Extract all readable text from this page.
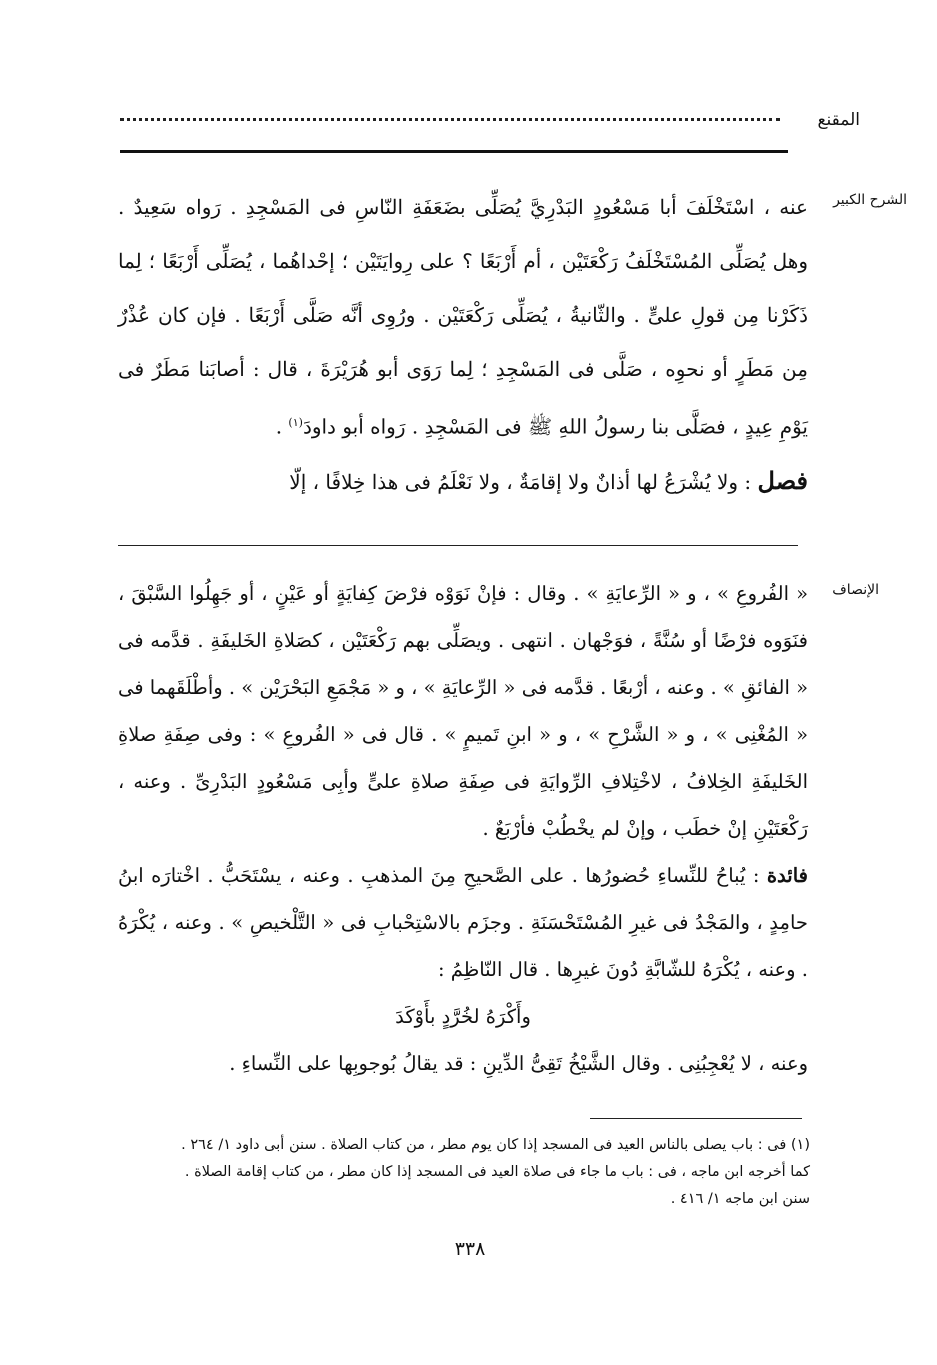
المقنع
الشرح الكبير

عنه ، اسْتَخْلَفَ أبا مَسْعُودٍ البَدْرِيَّ يُصَلِّى بضَعَفَةِ النّاسِ فى المَسْجِدِ . رَواه سَعِيدٌ . وهل يُصَلِّى المُسْتَخْلَفُ رَكْعَتَيْن ، أم أَرْبَعًا ؟ على رِوايَتَيْن ؛ إحْداهُما ، يُصَلِّى أَرْبَعًا ؛ لِما ذَكَرْنا مِن قولِ علىٍّ . والثّانيةُ ، يُصَلِّى رَكْعَتَيْن . ورُوِى أنَّه صَلَّى أَرْبَعًا . فإن كان عُذْرٌ مِن مَطَرٍ أو نحوِه ، صَلَّى فى المَسْجِدِ ؛ لِما رَوَى أبو هُرَيْرَةَ ، قال : أصابَنا مَطَرٌ فى يَوْمِ عِيدٍ ، فصَلَّى بنا رسولُ اللهِ ﷺ فى المَسْجِدِ . رَواه أبو داودَ$^{(١)}$ .

فصل : ولا يُشْرَعُ لها أذانٌ ولا إقامَةٌ ، ولا نَعْلَمُ فى هذا خِلافًا ، إلّا

الإنصاف

« الفُروعِ » ، و « الرِّعايَةِ » . وقال : فإنْ نَوَوْه فرْضَ كِفايَةٍ أو عَيْنٍ ، أو جَهِلُوا السَّبْقَ ، فنَوَوه فرْضًا أو سُنَّةً ، فوَجْهان . انتهى . ويصَلِّى بهم رَكْعَتَيْن ، كصَلاةِ الخَليفَةِ . قدَّمه فى « الفائقِ » . وعنه ، أرْبعًا . قدَّمه فى « الرِّعايَةِ » ، و « مَجْمَعِ البَحْرَيْن » . وأطْلَقَهما فى « المُغْنِى » ، و « الشَّرْحِ » ، و « ابنِ تَميمٍ » . قال فى « الفُروعِ » : وفى صِفَةِ صلاةِ الخَليفَةِ الخِلافُ ، لاخْتِلافِ الرِّوايَةِ فى صِفَةِ صلاةِ علىٍّ وأبِى مَسْعُودٍ البَدْرِىِّ . وعنه ، رَكْعَتَيْنِ إنْ خطَب ، وإنْ لم يخْطُبْ فأرْبَعٌ .

فائدة : يُباحُ للنِّساءِ حُضورُها . على الصَّحيحِ مِنَ المذهبِ . وعنه ، يسْتَحَبُّ . اخْتارَه ابنُ حامِدٍ ، والمَجْدُ فى غيرِ المُسْتَحْسَنَةِ . وجزَم بالاسْتِحْبابِ فى « التَّلْخيصِ » . وعنه ، يُكْرَهُ . وعنه ، يُكْرَهُ للشّابَّةِ دُونَ غيرِها . قال النّاظِمُ :

وأَكْرَهُ لخُرَّدٍ بأَوْكَدَ

وعنه ، لا يُعْجِبُنِى . وقال الشَّيْخُ تَقِىُّ الدِّينِ : قد يقالُ بُوجوبِها على النِّساءِ .

(١) فى : باب يصلى بالناس العيد فى المسجد إذا كان يوم مطر ، من كتاب الصلاة . سنن أبى داود ١/ ٢٦٤ .

كما أخرجه ابن ماجه ، فى : باب ما جاء فى صلاة العيد فى المسجد إذا كان مطر ، من كتاب إقامة الصلاة .

سنن ابن ماجه ١/ ٤١٦ .

٣٣٨
